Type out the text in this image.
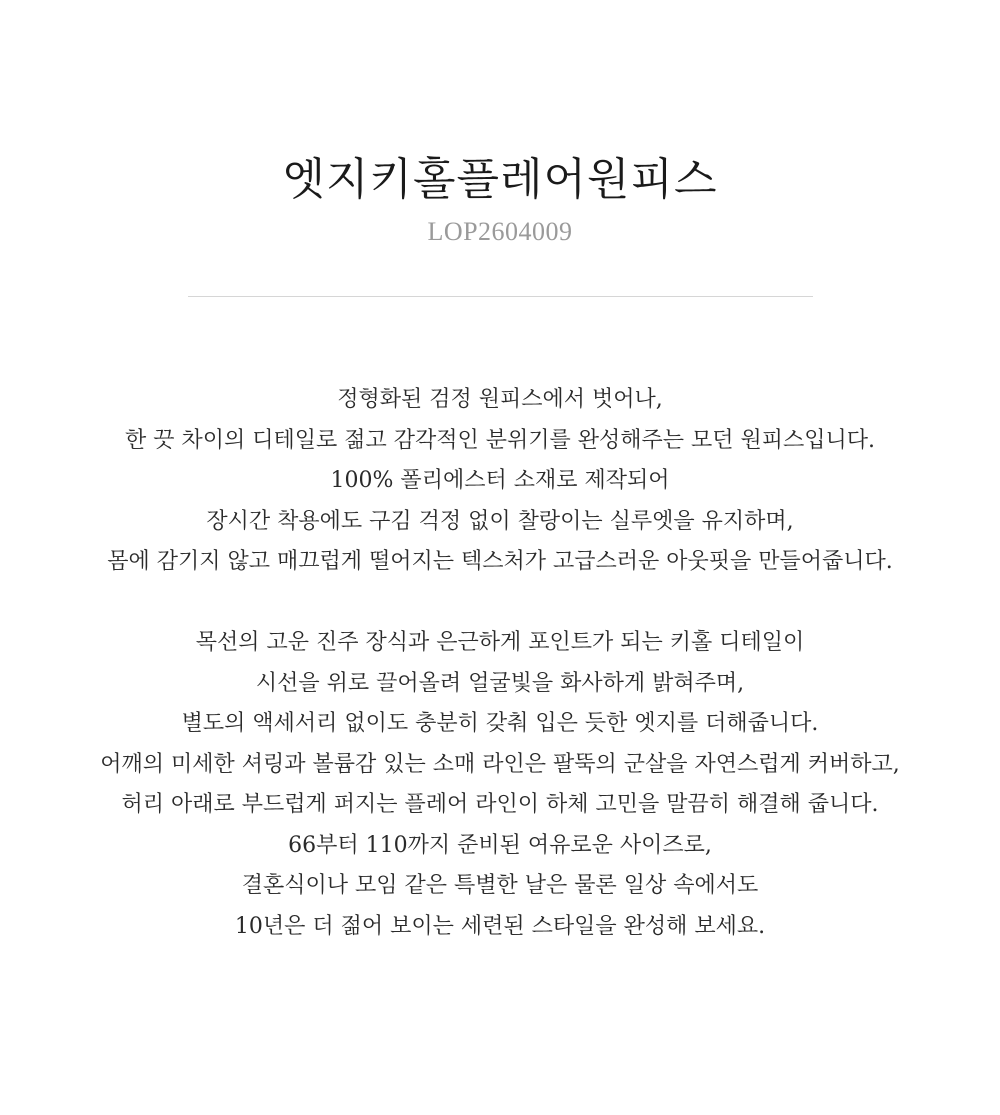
엣지키홀플레어원피스
LOP2604009
정형화된 검정 원피스에서 벗어나,
한 끗 차이의 디테일로 젊고 감각적인 분위기를 완성해주는 모던 원피스입니다.
100% 폴리에스터 소재로 제작되어
장시간 착용에도 구김 걱정 없이 찰랑이는 실루엣을 유지하며,
몸에 감기지 않고 매끄럽게 떨어지는 텍스처가 고급스러운 아웃핏을 만들어줍니다.
목선의 고운 진주 장식과 은근하게 포인트가 되는 키홀 디테일이
시선을 위로 끌어올려 얼굴빛을 화사하게 밝혀주며,
별도의 액세서리 없이도 충분히 갖춰 입은 듯한 엣지를 더해줍니다.
어깨의 미세한 셔링과 볼륨감 있는 소매 라인은 팔뚝의 군살을 자연스럽게 커버하고,
허리 아래로 부드럽게 퍼지는 플레어 라인이 하체 고민을 말끔히 해결해 줍니다.
66부터 110까지 준비된 여유로운 사이즈로,
결혼식이나 모임 같은 특별한 날은 물론 일상 속에서도
10년은 더 젊어 보이는 세련된 스타일을 완성해 보세요.
